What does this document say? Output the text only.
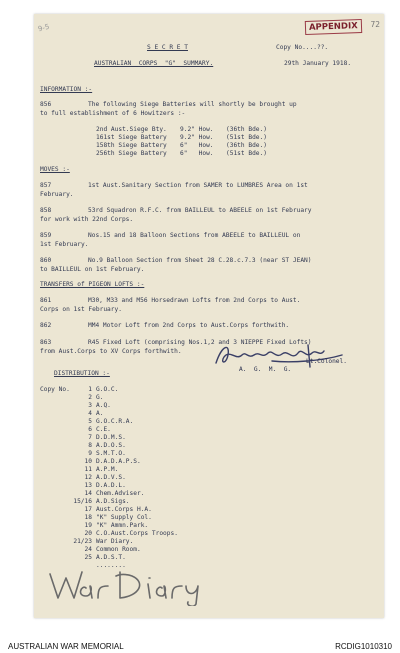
9-5	APPENDIX	72
S E C R E T	Copy No....??.
AUSTRALIAN  CORPS  "G"  SUMMARY.	29th January 1918.
INFORMATION :-
856	The following Siege Batteries will shortly be brought up
to full establishment of 6 Howitzers :-
2nd Aust.Siege Bty. 9.2" How. (36th Bde.)
161st Siege Battery 9.2" How. (51st Bde.)
158th Siege Battery 6"   How. (36th Bde.)
256th Siege Battery 6"   How. (51st Bde.)
MOVES :-
857	1st Aust.Sanitary Section from SAMER to LUMBRES Area on 1st
February.
858	53rd Squadron R.F.C. from BAILLEUL to ABEELE on 1st February
for work with 22nd Corps.
859	Nos.15 and 18 Balloon Sections from ABEELE to BAILLEUL on
1st February.
860	No.9 Balloon Section from Sheet 28 C.28.c.7.3 (near ST JEAN)
to BAILLEUL on 1st February.
TRANSFERS of PIGEON LOFTS :-
861	M30, M33 and M56 Horsedrawn Lofts from 2nd Corps to Aust.
Corps on 1st February.
862	MM4 Motor Loft from 2nd Corps to Aust.Corps forthwith.
863	R45 Fixed Loft (comprising Nos.1,2 and 3 NIEPPE Fixed Lofts)
from Aust.Corps to XV Corps forthwith.
Lt.Colonel.
A.  G.  M.  G.
DISTRIBUTION :-
Copy No.	1 G.O.C.
2 G.
3 A.Q.
4 A.
5 G.O.C.R.A.
6 C.E.
7 D.D.M.S.
8 A.D.O.S.
9 S.M.T.O.
10 D.A.D.A.P.S.
11 A.P.M.
12 A.D.V.S.
13 D.A.D.L.
14 Chem.Adviser.
15/16 A.D.Sigs.
17 Aust.Corps H.A.
18 "K" Supply Col.
19 "K" Ammn.Park.
20 C.O.Aust.Corps Troops.
21/23 War Diary.
24 Common Room.
25 A.D.S.T.
........
AUSTRALIAN WAR MEMORIAL	RCDIG1010310
